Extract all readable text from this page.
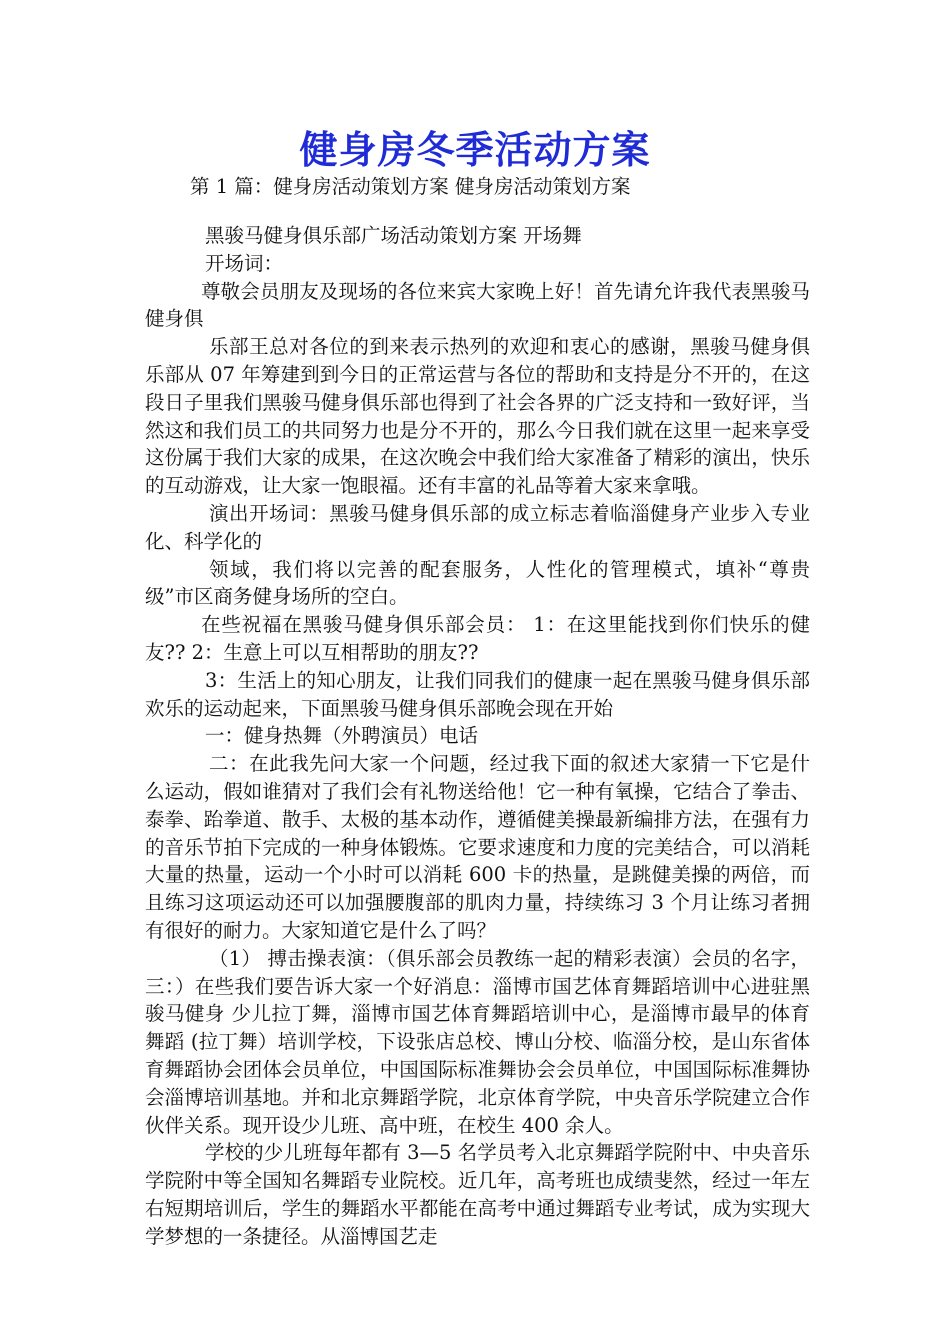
健身房冬季活动方案
第 1 篇：健身房活动策划方案 健身房活动策划方案

黑骏马健身俱乐部广场活动策划方案 开场舞

开场词：

尊敬会员朋友及现场的各位来宾大家晚上好！首先请允许我代表黑骏马健身俱

乐部王总对各位的到来表示热列的欢迎和衷心的感谢，黑骏马健身俱乐部从 07 年筹建到到今日的正常运营与各位的帮助和支持是分不开的，在这段日子里我们黑骏马健身俱乐部也得到了社会各界的广泛支持和一致好评，当然这和我们员工的共同努力也是分不开的，那么今日我们就在这里一起来享受这份属于我们大家的成果，在这次晚会中我们给大家准备了精彩的演出，快乐的互动游戏，让大家一饱眼福。还有丰富的礼品等着大家来拿哦。

演出开场词：黑骏马健身俱乐部的成立标志着临淄健身产业步入专业化、科学化的

领域，我们将以完善的配套服务，人性化的管理模式，填补“尊贵级”市区商务健身场所的空白。

在些祝福在黑骏马健身俱乐部会员： 1：在这里能找到你们快乐的健友?? 2：生意上可以互相帮助的朋友??

3：生活上的知心朋友，让我们同我们的健康一起在黑骏马健身俱乐部欢乐的运动起来，下面黑骏马健身俱乐部晚会现在开始

一：健身热舞（外聘演员）电话

二：在此我先问大家一个问题，经过我下面的叙述大家猜一下它是什么运动，假如谁猜对了我们会有礼物送给他！它一种有氧操，它结合了拳击、泰拳、跆拳道、散手、太极的基本动作，遵循健美操最新编排方法，在强有力的音乐节拍下完成的一种身体锻炼。它要求速度和力度的完美结合，可以消耗大量的热量，运动一个小时可以消耗 600 卡的热量，是跳健美操的两倍，而且练习这项运动还可以加强腰腹部的肌肉力量，持续练习 3 个月让练习者拥有很好的耐力。大家知道它是什么了吗？

（1） 搏击操表演：（俱乐部会员教练一起的精彩表演）会员的名字， 三：）在些我们要告诉大家一个好消息：淄博市国艺体育舞蹈培训中心进驻黑骏马健身 少儿拉丁舞，淄博市国艺体育舞蹈培训中心，是淄博市最早的体育舞蹈 (拉丁舞）培训学校，下设张店总校、博山分校、临淄分校，是山东省体育舞蹈协会团体会员单位，中国国际标准舞协会会员单位，中国国际标准舞协会淄博培训基地。并和北京舞蹈学院，北京体育学院，中央音乐学院建立合作伙伴关系。现开设少儿班、高中班，在校生 400 余人。

学校的少儿班每年都有 3—5 名学员考入北京舞蹈学院附中、中央音乐学院附中等全国知名舞蹈专业院校。近几年，高考班也成绩斐然，经过一年左右短期培训后，学生的舞蹈水平都能在高考中通过舞蹈专业考试，成为实现大学梦想的一条捷径。从淄博国艺走
